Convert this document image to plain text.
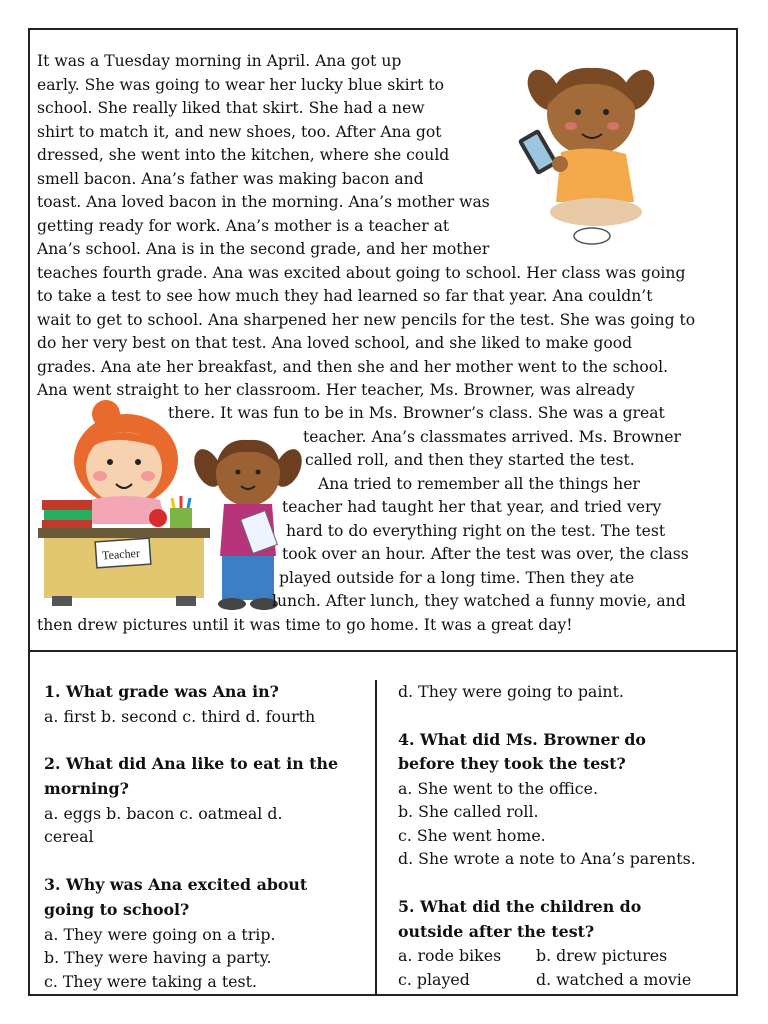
Teacher
It was a Tuesday morning in April. Ana got up
early. She was going to wear her lucky blue skirt to
school. She really liked that skirt. She had a new
shirt to match it, and new shoes, too. After Ana got
dressed, she went into the kitchen, where she could
smell bacon. Ana’s father was making bacon and
toast. Ana loved bacon in the morning. Ana’s mother was
getting ready for work. Ana’s mother is a teacher at
Ana’s school. Ana is in the second grade, and her mother
teaches fourth grade. Ana was excited about going to school. Her class was going
to take a test to see how much they had learned so far that year. Ana couldn’t
wait to get to school. Ana sharpened her new pencils for the test. She was going to
do her very best on that test. Ana loved school, and she liked to make good
grades. Ana ate her breakfast, and then she and her mother went to the school.
Ana went straight to her classroom. Her teacher, Ms. Browner, was already
there. It was fun to be in Ms. Browner’s class. She was a great
teacher. Ana’s classmates arrived. Ms. Browner
called roll, and then they started the test.
Ana tried to remember all the things her
teacher had taught her that year, and tried very
hard to do everything right on the test. The test
took over an hour. After the test was over, the class
played outside for a long time. Then they ate
lunch. After lunch, they watched a funny movie, and
then drew pictures until it was time to go home. It was a great day!
1. What grade was Ana in?
a. first b. second c. third d. fourth
2. What did Ana like to eat in the
morning?
a. eggs b. bacon c. oatmeal d.
cereal
3. Why was Ana excited about
going to school?
a. They were going on a trip.
b. They were having a party.
c. They were taking a test.
d. They were going to paint.
4. What did Ms. Browner do
before they took the test?
a. She went to the office.
b. She called roll.
c. She went home.
d. She wrote a note to Ana’s parents.
5. What did the children do
outside after the test?
a. rode bikes b. drew pictures
c. played	d. watched a movie
